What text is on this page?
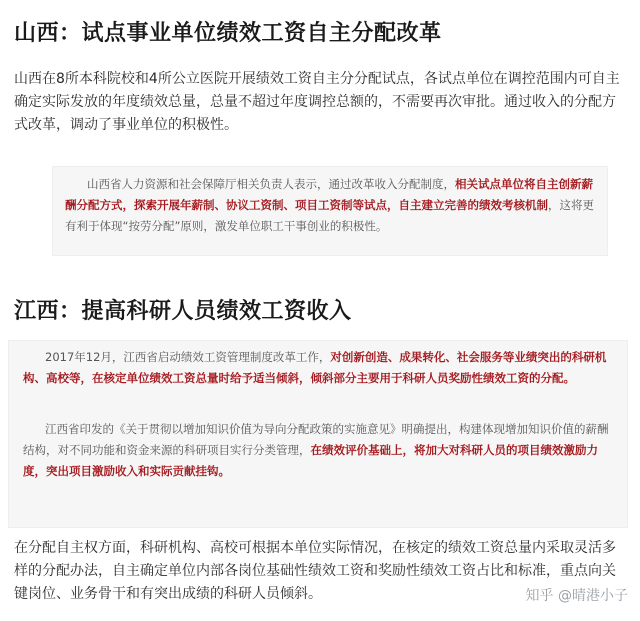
山西：试点事业单位绩效工资自主分配改革
山西在8所本科院校和4所公立医院开展绩效工资自主分分配试点，各试点单位在调控范围内可自主确定实际发放的年度绩效总量，总量不超过年度调控总额的，不需要再次审批。通过收入的分配方式改革，调动了事业单位的积极性。
山西省人力资源和社会保障厅相关负责人表示，通过改革收入分配制度，相关试点单位将自主创新薪酬分配方式，探索开展年薪制、协议工资制、项目工资制等试点，自主建立完善的绩效考核机制，这将更有利于体现“按劳分配”原则，激发单位职工干事创业的积极性。
江西：提高科研人员绩效工资收入
2017年12月，江西省启动绩效工资管理制度改革工作，对创新创造、成果转化、社会服务等业绩突出的科研机构、高校等，在核定单位绩效工资总量时给予适当倾斜，倾斜部分主要用于科研人员奖励性绩效工资的分配。
江西省印发的《关于贯彻以增加知识价值为导向分配政策的实施意见》明确提出，构建体现增加知识价值的薪酬结构，对不同功能和资金来源的科研项目实行分类管理，在绩效评价基础上，将加大对科研人员的项目绩效激励力度，突出项目激励收入和实际贡献挂钩。
在分配自主权方面，科研机构、高校可根据本单位实际情况，在核定的绩效工资总量内采取灵活多样的分配办法，自主确定单位内部各岗位基础性绩效工资和奖励性绩效工资占比和标准，重点向关键岗位、业务骨干和有突出成绩的科研人员倾斜。	知乎 @晴港小子
